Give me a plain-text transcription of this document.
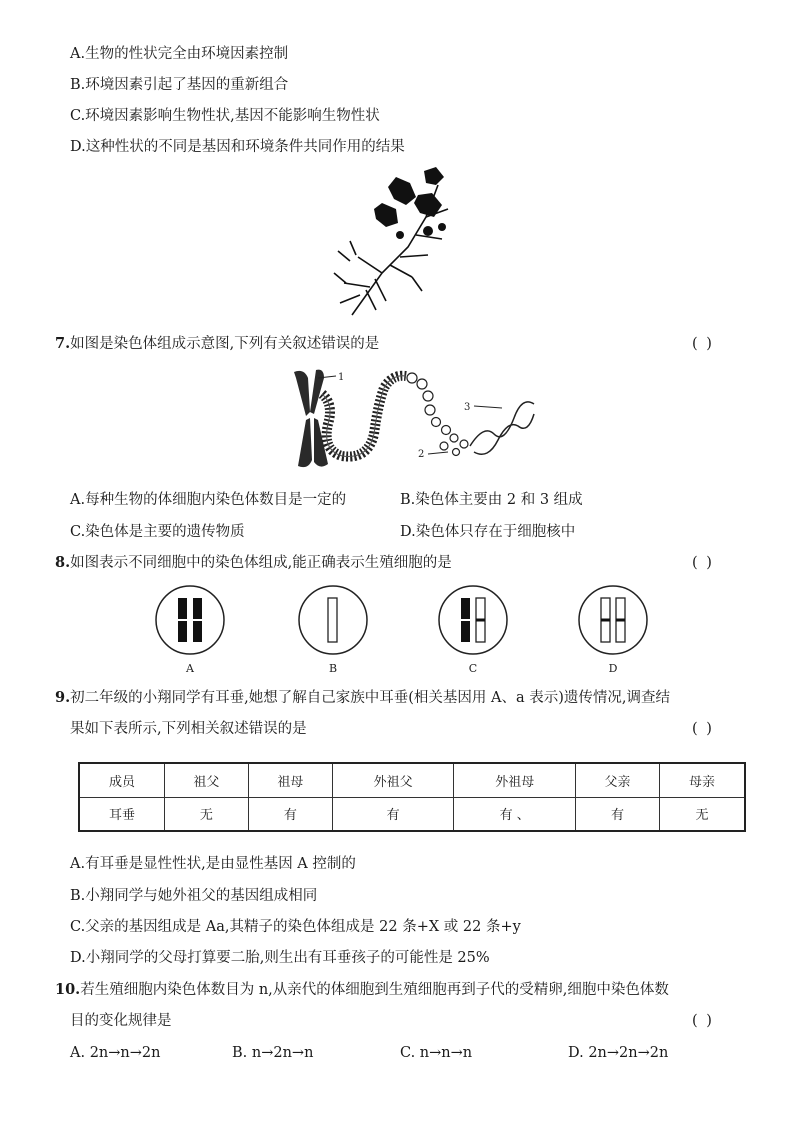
A.生物的性状完全由环境因素控制
B.环境因素引起了基因的重新组合
C.环境因素影响生物性状,基因不能影响生物性状
D.这种性状的不同是基因和环境条件共同作用的结果
7.如图是染色体组成示意图,下列有关叙述错误的是	( )
1
2
3
A.每种生物的体细胞内染色体数目是一定的	B.染色体主要由 2 和 3 组成
C.染色体是主要的遗传物质	D.染色体只存在于细胞核中
8.如图表示不同细胞中的染色体组成,能正确表示生殖细胞的是	( )
A	B	C	D
9.初二年级的小翔同学有耳垂,她想了解自己家族中耳垂(相关基因用 A、a 表示)遗传情况,调查结
果如下表所示,下列相关叙述错误的是	( )
成员	祖父	祖母	外祖父	外祖母	父亲	母亲
耳垂	无	有	有	有 、	有	无
A.有耳垂是显性性状,是由显性基因 A 控制的
B.小翔同学与她外祖父的基因组成相同
C.父亲的基因组成是 Aa,其精子的染色体组成是 22 条+X 或 22 条+y
D.小翔同学的父母打算要二胎,则生出有耳垂孩子的可能性是 25%
10.若生殖细胞内染色体数目为 n,从亲代的体细胞到生殖细胞再到子代的受精卵,细胞中染色体数
目的变化规律是	( )
A. 2n→n→2n	B. n→2n→n	C. n→n→n	D. 2n→2n→2n
